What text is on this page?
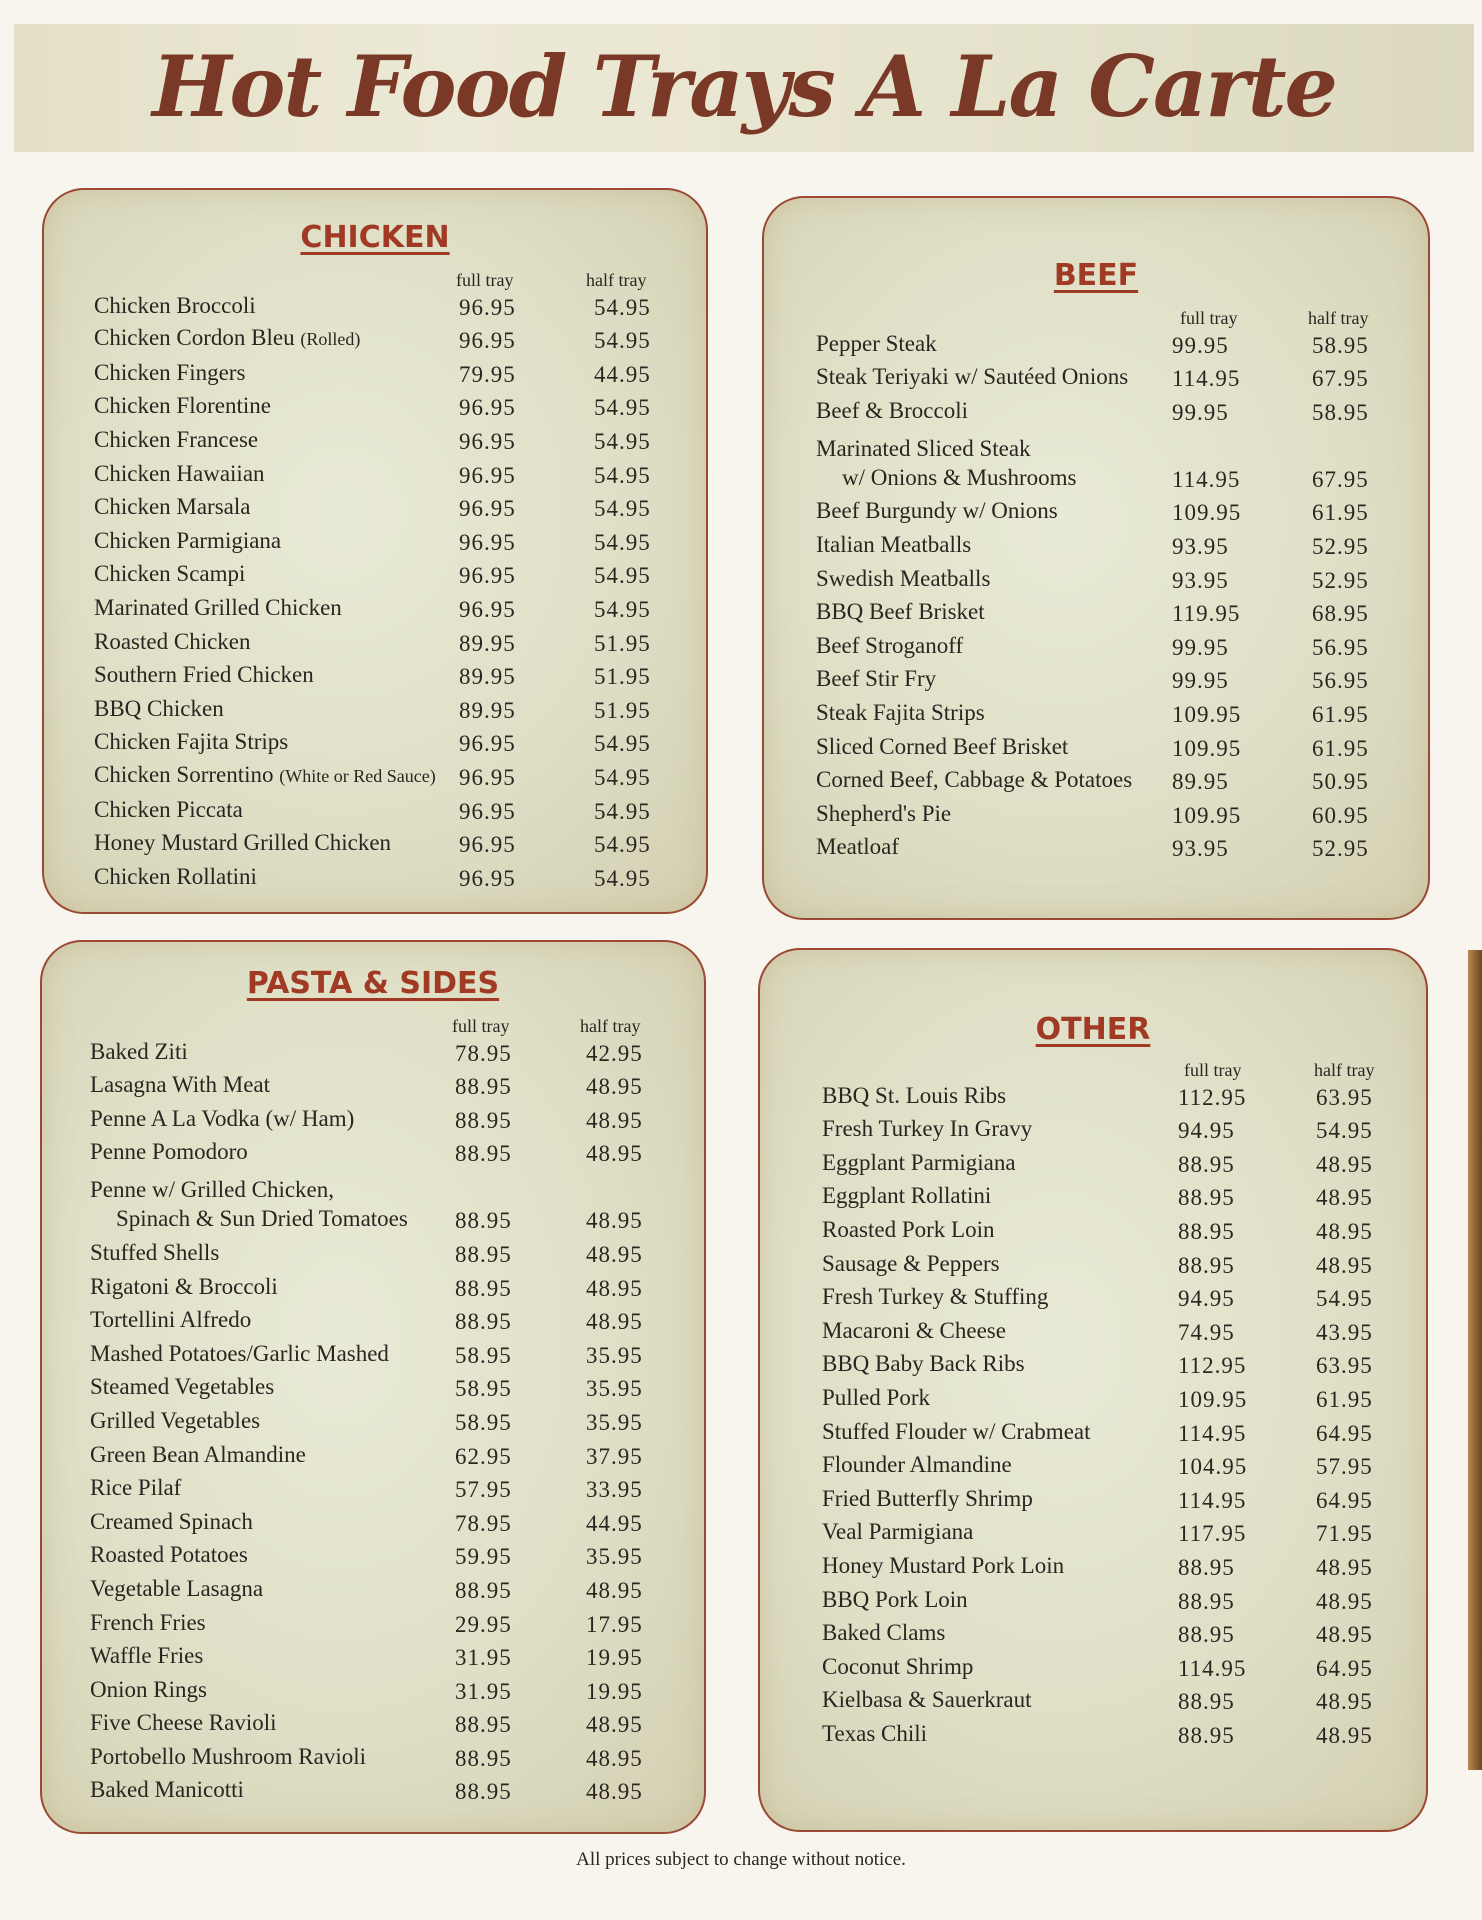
Hot Food Trays A La Carte
CHICKEN
full tray	half tray
Chicken Broccoli	96.95	54.95
Chicken Cordon Bleu (Rolled)	96.95	54.95
Chicken Fingers	79.95	44.95
Chicken Florentine	96.95	54.95
Chicken Francese	96.95	54.95
Chicken Hawaiian	96.95	54.95
Chicken Marsala	96.95	54.95
Chicken Parmigiana	96.95	54.95
Chicken Scampi	96.95	54.95
Marinated Grilled Chicken	96.95	54.95
Roasted Chicken	89.95	51.95
Southern Fried Chicken	89.95	51.95
BBQ Chicken	89.95	51.95
Chicken Fajita Strips	96.95	54.95
Chicken Sorrentino (White or Red Sauce) 96.95	54.95
Chicken Piccata	96.95	54.95
Honey Mustard Grilled Chicken	96.95	54.95
Chicken Rollatini	96.95	54.95
BEEF
full tray	half tray
Pepper Steak	99.95	58.95
Steak Teriyaki w/ Sautéed Onions 114.95	67.95
Beef & Broccoli	99.95	58.95
Marinated Sliced Steak
w/ Onions & Mushrooms	114.95	67.95
Beef Burgundy w/ Onions	109.95	61.95
Italian Meatballs	93.95	52.95
Swedish Meatballs	93.95	52.95
BBQ Beef Brisket	119.95	68.95
Beef Stroganoff	99.95	56.95
Beef Stir Fry	99.95	56.95
Steak Fajita Strips	109.95	61.95
Sliced Corned Beef Brisket	109.95	61.95
Corned Beef, Cabbage & Potatoes 89.95	50.95
Shepherd's Pie	109.95	60.95
Meatloaf	93.95	52.95
PASTA & SIDES
full tray	half tray
Baked Ziti	78.95	42.95
Lasagna With Meat	88.95	48.95
Penne A La Vodka (w/ Ham)	88.95	48.95
Penne Pomodoro	88.95	48.95
Penne w/ Grilled Chicken,
Spinach & Sun Dried Tomatoes 88.95	48.95
Stuffed Shells	88.95	48.95
Rigatoni & Broccoli	88.95	48.95
Tortellini Alfredo	88.95	48.95
Mashed Potatoes/Garlic Mashed	58.95	35.95
Steamed Vegetables	58.95	35.95
Grilled Vegetables	58.95	35.95
Green Bean Almandine	62.95	37.95
Rice Pilaf	57.95	33.95
Creamed Spinach	78.95	44.95
Roasted Potatoes	59.95	35.95
Vegetable Lasagna	88.95	48.95
French Fries	29.95	17.95
Waffle Fries	31.95	19.95
Onion Rings	31.95	19.95
Five Cheese Ravioli	88.95	48.95
Portobello Mushroom Ravioli	88.95	48.95
Baked Manicotti	88.95	48.95
OTHER
full tray	half tray
BBQ St. Louis Ribs	112.95	63.95
Fresh Turkey In Gravy	94.95	54.95
Eggplant Parmigiana	88.95	48.95
Eggplant Rollatini	88.95	48.95
Roasted Pork Loin	88.95	48.95
Sausage & Peppers	88.95	48.95
Fresh Turkey & Stuffing	94.95	54.95
Macaroni & Cheese	74.95	43.95
BBQ Baby Back Ribs	112.95	63.95
Pulled Pork	109.95	61.95
Stuffed Flouder w/ Crabmeat	114.95	64.95
Flounder Almandine	104.95	57.95
Fried Butterfly Shrimp	114.95	64.95
Veal Parmigiana	117.95	71.95
Honey Mustard Pork Loin	88.95	48.95
BBQ Pork Loin	88.95	48.95
Baked Clams	88.95	48.95
Coconut Shrimp	114.95	64.95
Kielbasa & Sauerkraut	88.95	48.95
Texas Chili	88.95	48.95

All prices subject to change without notice.
